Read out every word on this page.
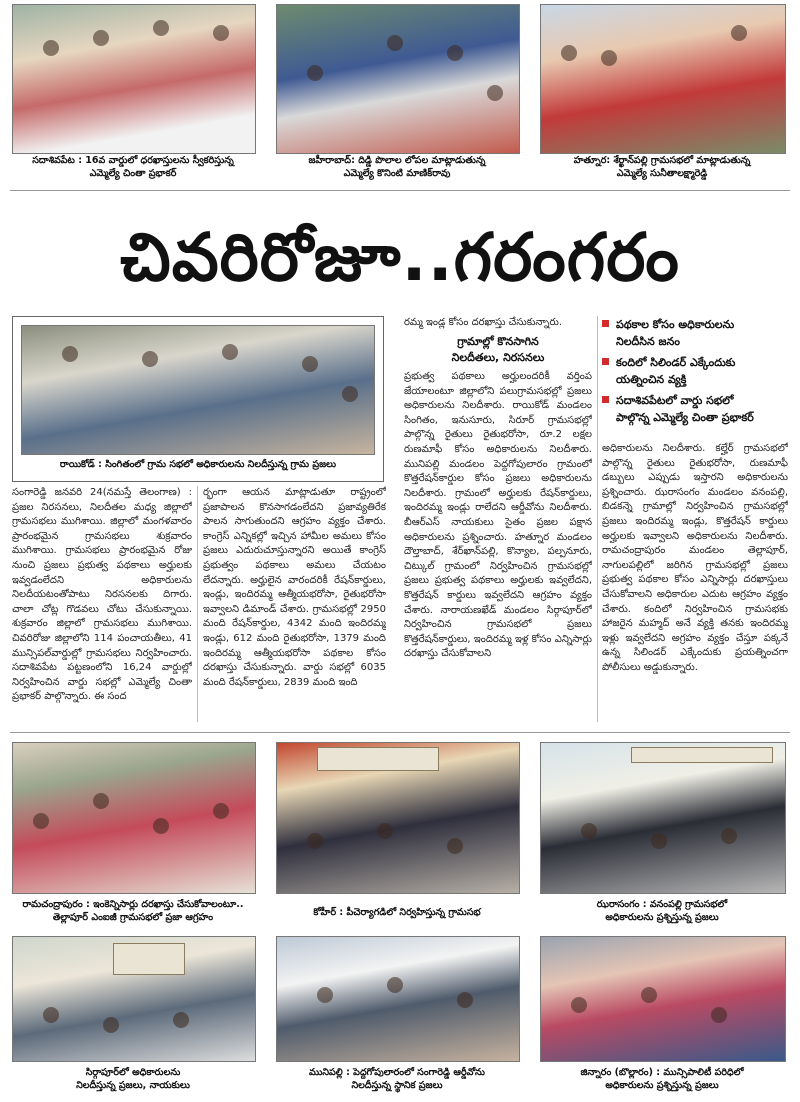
సదాశివపేట : 16వ వార్డులో ధరఖాస్తులను స్వీకరిస్తున్న
ఎమ్మెల్యే చింతా ప్రభాకర్
జహీరాబాద్: దిడ్డి పొలాల లోపల మాట్లాడుతున్న
ఎమ్మెల్యే కొనింటి మాణిక్‌రావు
హత్నూర: శేర్ఖాన్‌పల్లి గ్రామసభలో మాట్లాడుతున్న
ఎమ్మెల్యే సునీతాలక్ష్మారెడ్డి
చివరిరోజూ..గరంగరం
రాయికోడ్ : సింగితంలో గ్రామ సభలో అధికారులను నిలదీస్తున్న గ్రామ ప్రజలు

సంగారెడ్డి జనవరి 24(నమస్తే తెలంగాణ) : ప్రజల నిరసనలు, నిలదీతల మధ్య జిల్లాలో గ్రామసభలు ముగిశాయి. జిల్లాలో మంగళవారం ప్రారంభమైన గ్రామసభలు శుక్రవారం ముగిశాయి. గ్రామసభలు ప్రారంభమైన రోజు నుంచి ప్రజలు ప్రభుత్వ పథకాలు అర్హులకు ఇవ్వడంలేదని అధికారులను నిలదీయటంతోపాటు నిరసనలకు దిగారు. చాలా చోట్ల గొడవలు చోటు చేసుకున్నాయి. శుక్రవారం జిల్లాలో గ్రామసభలు ముగిశాయి. చివరిరోజు జిల్లాలోని 114 పంచాయతీలు, 41 మున్సిపల్‌వార్డుల్లో గ్రామసభలు నిర్వహించారు. సదాశివపేట పట్టణంలోని 16,24 వార్డుల్లో నిర్వహించిన వార్డు సభల్లో ఎమ్మెల్యే చింతా ప్రభాకర్ పాల్గొన్నారు. ఈ సంద

ర్భంగా ఆయన మాట్లాడుతూ రాష్ట్రంలో ప్రజాపాలన కొనసాగడంలేదని ప్రజావ్యతిరేక పాలన సాగుతుందని ఆగ్రహం వ్యక్తం చేశారు. కాంగ్రెస్ ఎన్నికల్లో ఇచ్చిన హామీల అమలు కోసం ప్రజలు ఎదురుచూస్తున్నారని అయితే కాంగ్రెస్ ప్రభుత్వం పథకాలు అమలు చేయటం లేదన్నారు. అర్హులైన వారందరికీ రేషన్‌కార్డులు, ఇండ్లు, ఇందిరమ్మ ఆత్మీయభరోసా, రైతుభరోసా ఇవ్వాలని డిమాండ్ చేశారు. గ్రామసభల్లో 2950 మంది రేషన్‌కార్డుల, 4342 మంది ఇందిరమ్మ ఇండ్లు, 612 మంది రైతుభరోసా, 1379 మంది ఇందిరమ్మ ఆత్మీయభరోసా పథకాల కోసం దరఖాస్తు చేసుకున్నారు. వార్డు సభల్లో 6035 మంది రేషన్‌కార్డులు, 2839 మంది ఇంది

రమ్మ ఇండ్ల కోసం దరఖాస్తు చేసుకున్నారు.

గ్రామాల్లో కొనసాగిన
నిలదీతలు, నిరసనలు

ప్రభుత్వ పథకాలు అర్హులందరికీ వర్తింప జేయాలంటూ జిల్లాలోని పలుగ్రామసభల్లో ప్రజలు అధికారులను నిలదీశారు. రాయికోడ్ మండలం సింగితం, ఇనుసూరు, సిరూర్ గ్రామసభల్లో పాల్గొన్న రైతులు రైతుభరోసా, రూ.2 లక్షల రుణమాఫీ కోసం అధికారులను నిలదీశారు. మునిపల్లి మండలం పెద్దగోపులారం గ్రామంలో కొత్తరేషన్‌కార్డుల కోసం ప్రజలు అధికారులను నిలదీశారు. గ్రామంలో అర్హులకు రేషన్‌కార్డులు, ఇందిరమ్మ ఇండ్లు రాలేదని ఆర్డీవోను నిలదీశారు. బీఆర్‌ఎస్ నాయకులు సైతం ప్రజల పక్షాన అధికారులను ప్రశ్నించారు. హత్నూర మండలం దౌల్తాబాద్, శేర్‌ఖాన్‌పల్లి, కొన్యాల, పల్పనూరు, చిట్కుల్ గ్రామంలో నిర్వహించిన గ్రామసభల్లో ప్రజలు ప్రభుత్వ పథకాలు అర్హులకు ఇవ్వలేదని, కొత్తరేషన్ కార్డులు ఇవ్వలేదని ఆగ్రహం వ్యక్తం చేశారు. నారాయణఖేడ్ మండలం సిర్గాపూర్‌లో నిర్వహించిన గ్రామసభలో ప్రజలు కొత్తరేషన్‌కార్డులు, ఇందిరమ్మ ఇళ్ల కోసం ఎన్నిసార్లు దరఖాస్తు చేసుకోవాలని

పథకాల కోసం అధికారులను
నిలదీసిన జనం
కందిలో సిలిండర్ ఎక్కేందుకు
యత్నించిన వ్యక్తి
సదాశివపేటలో వార్డు సభలో
పాల్గొన్న ఎమ్మెల్యే చింతా ప్రభాకర్

అధికారులను నిలదీశారు. కల్హేర్ గ్రామసభలో పాల్గొన్న రైతులు రైతుభరోసా, రుణమాఫీ డబ్బులు ఎప్పుడు ఇస్తారని అధికారులను ప్రశ్నించారు. ఝరాసంగం మండలం వనంపల్లి, బిడకన్నె గ్రామాల్లో నిర్వహించిన గ్రామసభల్లో ప్రజలు ఇందిరమ్మ ఇండ్లు, కొత్తరేషన్ కార్డులు అర్హులకు ఇవ్వాలని అధికారులను నిలదీశారు. రామచంద్రాపురం మండలం తెల్లాపూర్, నాగులపల్లిలో జరిగిన గ్రామసభల్లో ప్రజలు ప్రభుత్వ పథకాల కోసం ఎన్నిసార్లు దరఖాస్తులు చేసుకోవాలని అధికారుల ఎదుట ఆగ్రహం వ్యక్తం చేశారు. కందిలో నిర్వహించిన గ్రామసభకు హాజరైన మహ్మద్ అనే వ్యక్తి తనకు ఇందిరమ్మ ఇళ్లు ఇవ్వలేదని అగ్రహం వ్యక్తం చేస్తూ పక్కనే ఉన్న సిలిండర్ ఎక్కేందుకు ప్రయత్నించగా పోలీసులు అడ్డుకున్నారు.

రామచంద్రాపురం : ఇంకెన్నిసార్లు దరఖాస్తు చేసుకోవాలంటూ..
తెల్లాపూర్ ఎంఐజీ గ్రామసభలో ప్రజా ఆగ్రహం	కోహీర్ : పీచెర్యాగడిలో నిర్వహిస్తున్న గ్రామసభ
ఝరాసంగం : వనంపల్లి గ్రామసభలో
అధికారులను ప్రశ్నిస్తున్న ప్రజలు
సిర్గాపూర్‌లో అధికారులను
నిలదీస్తున్న ప్రజలు, నాయకులు
మునిపల్లి : పెద్దగోపులారంలో సంగారెడ్డి ఆర్డీవోను
నిలదీస్తున్న స్థానిక ప్రజలు
జిన్నారం (బొల్లారం) : మున్సిపాలిటీ పరిధిలో
అధికారులను ప్రశ్నిస్తున్న ప్రజలు
